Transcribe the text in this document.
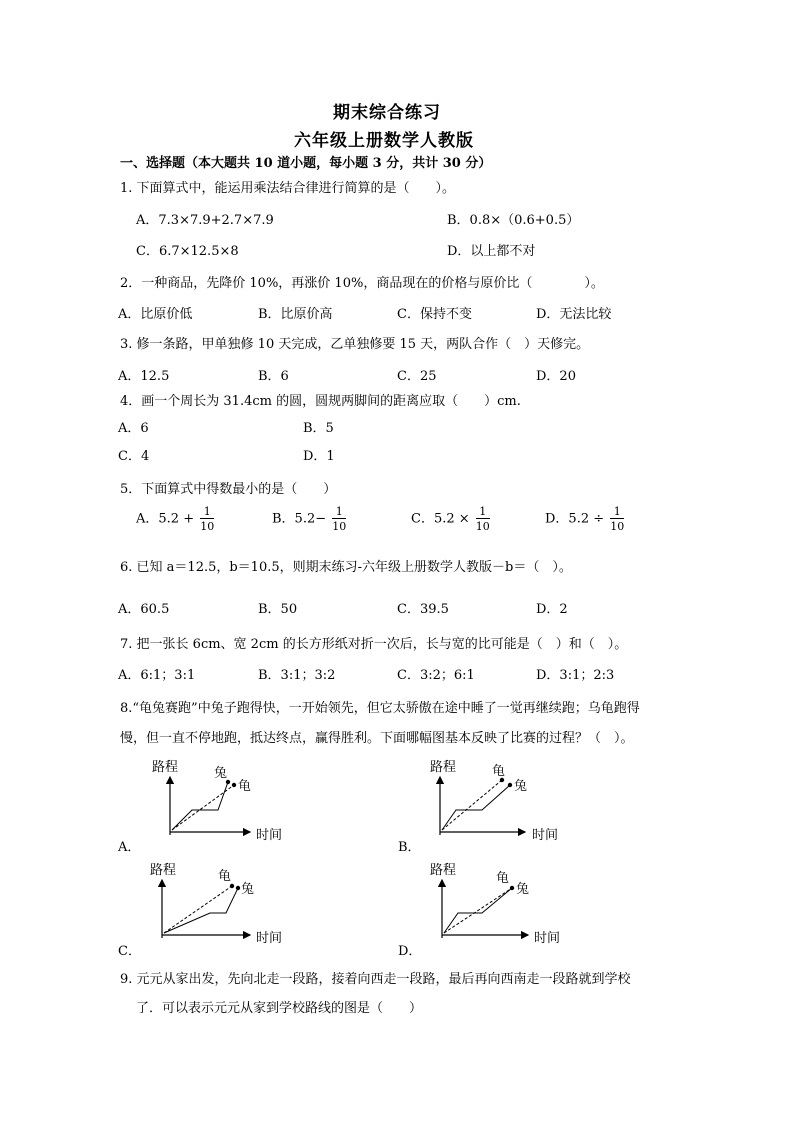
期末综合练习
六年级上册数学人教版
一、选择题（本大题共 10 道小题，每小题 3 分，共计 30 分）
1. 下面算式中，能运用乘法结合律进行简算的是（　　）。
A．7.3×7.9+2.7×7.9	B．0.8×（0.6+0.5）
C．6.7×12.5×8	D．以上都不对
2．一种商品，先降价 10%，再涨价 10%，商品现在的价格与原价比（　　　　）。
A．比原价低	B．比原价高	C．保持不变	D．无法比较
3. 修一条路，甲单独修 10 天完成，乙单独修要 15 天，两队合作（　）天修完。
A．12.5	B．6	C．25	D．20
4．画一个周长为 31.4cm 的圆，圆规两脚间的距离应取（　　）cm.
A．6	B．5
C．4	D．1
5．下面算式中得数最小的是（　　）
A．$5.2 + \frac{1}{10}$	B．$5.2- \frac{1}{10}$	C．$5.2 \times \frac{1}{10}$	D．$5.2 \div \frac{1}{10}$
6. 已知 a＝12.5，b＝10.5，则期末练习-六年级上册数学人教版－b＝（　）。
A．60.5	B．50	C．39.5	D．2
7. 把一张长 6cm、宽 2cm 的长方形纸对折一次后，长与宽的比可能是（　）和（　）。
A．6:1；3:1	B．3:1；3:2	C．3:2；6:1	D．3:1；2:3
8.“龟兔赛跑”中兔子跑得快，一开始领先，但它太骄傲在途中睡了一觉再继续跑；乌龟跑得
慢，但一直不停地跑，抵达终点，赢得胜利。下面哪幅图基本反映了比赛的过程？（　）。
路程
时间
兔
龟
A．
路程
时间
龟
兔
B．
路程
时间
龟
兔
C．
路程
时间
龟
兔
D．
9. 元元从家出发，先向北走一段路，接着向西走一段路，最后再向西南走一段路就到学校
了．可以表示元元从家到学校路线的图是（　　）
